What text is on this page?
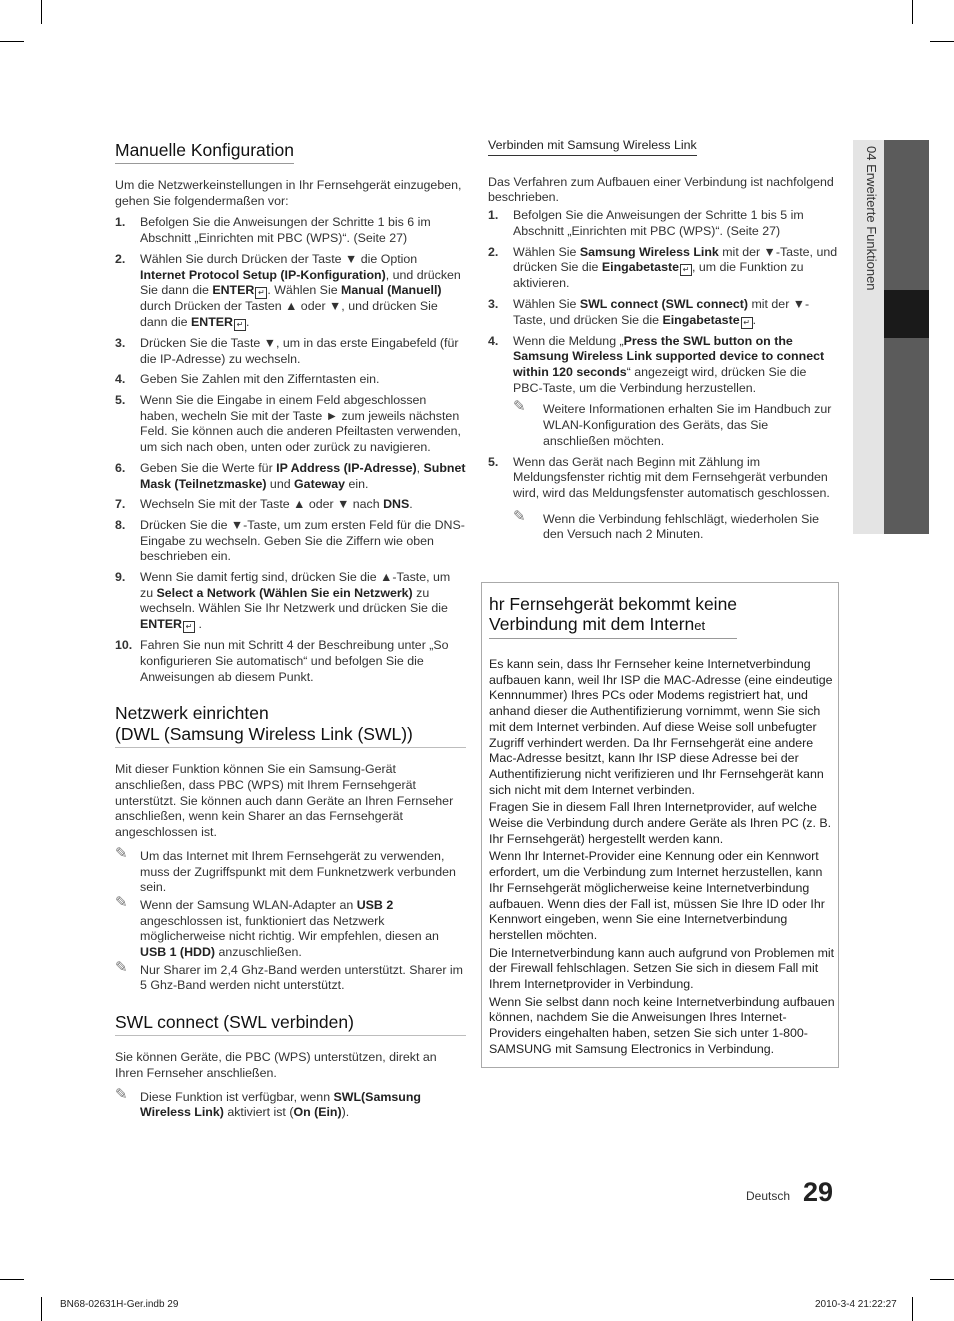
04 Erweiterte Funktionen
Manuelle Konfiguration

Um die Netzwerkeinstellungen in Ihr Fernsehgerät einzugeben, gehen Sie folgendermaßen vor:

1. Befolgen Sie die Anweisungen der Schritte 1 bis 6 im Abschnitt „Einrichten mit PBC (WPS)“. (Seite 27)
2. Wählen Sie durch Drücken der Taste ▼ die Option Internet Protocol Setup (IP-Konfiguration), und drücken Sie dann die ENTER ↵ . Wählen Sie Manual (Manuell) durch Drücken der Tasten ▲ oder ▼, und drücken Sie dann die ENTER ↵ .
3. Drücken Sie die Taste ▼, um in das erste Eingabefeld (für die IP-Adresse) zu wechseln.
4. Geben Sie Zahlen mit den Zifferntasten ein.
5. Wenn Sie die Eingabe in einem Feld abgeschlossen haben, wecheln Sie mit der Taste ► zum jeweils nächsten Feld. Sie können auch die anderen Pfeiltasten verwenden, um sich nach oben, unten oder zurück zu navigieren.
6. Geben Sie die Werte für IP Address (IP-Adresse), Subnet Mask (Teilnetzmaske) und Gateway ein.
7. Wechseln Sie mit der Taste ▲ oder ▼ nach DNS.
8. Drücken Sie die ▼-Taste, um zum ersten Feld für die DNS-Eingabe zu wechseln. Geben Sie die Ziffern wie oben beschrieben ein.
9. Wenn Sie damit fertig sind, drücken Sie die ▲-Taste, um zu Select a Network (Wählen Sie ein Netzwerk) zu wechseln. Wählen Sie Ihr Netzwerk und drücken Sie die ENTER ↵ .
10. Fahren Sie nun mit Schritt 4 der Beschreibung unter „So konfigurieren Sie automatisch“ und befolgen Sie die Anweisungen ab diesem Punkt.
Netzwerk einrichten
(DWL (Samsung Wireless Link (SWL))

Mit dieser Funktion können Sie ein Samsung-Gerät anschließen, dass PBC (WPS) mit Ihrem Fernsehgerät unterstützt. Sie können auch dann Geräte an Ihren Fernseher anschließen, wenn kein Sharer an das Fernsehgerät angeschlossen ist.

✎ Um das Internet mit Ihrem Fernsehgerät zu verwenden, muss der Zugriffspunkt mit dem Funknetzwerk verbunden sein.
✎ Wenn der Samsung WLAN-Adapter an USB 2 angeschlossen ist, funktioniert das Netzwerk möglicherweise nicht richtig. Wir empfehlen, diesen an USB 1 (HDD) anzuschließen.
✎ Nur Sharer im 2,4 Ghz-Band werden unterstützt. Sharer im 5 Ghz-Band werden nicht unterstützt.
SWL connect (SWL verbinden)

Sie können Geräte, die PBC (WPS) unterstützen, direkt an Ihren Fernseher anschließen.

✎ Diese Funktion ist verfügbar, wenn SWL(Samsung Wireless Link) aktiviert ist (On (Ein)).
Verbinden mit Samsung Wireless Link

Das Verfahren zum Aufbauen einer Verbindung ist nachfolgend beschrieben.

1. Befolgen Sie die Anweisungen der Schritte 1 bis 5 im Abschnitt „Einrichten mit PBC (WPS)“. (Seite 27)
2. Wählen Sie Samsung Wireless Link mit der ▼-Taste, und drücken Sie die Eingabetaste ↵ , um die Funktion zu aktivieren.
3. Wählen Sie SWL connect (SWL connect) mit der ▼-Taste, und drücken Sie die Eingabetaste ↵ .
4. Wenn die Meldung „Press the SWL button on the Samsung Wireless Link supported device to connect within 120 seconds“ angezeigt wird, drücken Sie die PBC-Taste, um die Verbindung herzustellen.
✎ Weitere Informationen erhalten Sie im Handbuch zur WLAN-Konfiguration des Geräts, das Sie anschließen möchten.
5. Wenn das Gerät nach Beginn mit Zählung im Meldungsfenster richtig mit dem Fernsehgerät verbunden wird, wird das Meldungsfenster automatisch geschlossen.
✎ Wenn die Verbindung fehlschlägt, wiederholen Sie den Versuch nach 2 Minuten.
hr Fernsehgerät bekommt keine
Verbindung mit dem Internet

Es kann sein, dass Ihr Fernseher keine Internetverbindung aufbauen kann, weil Ihr ISP die MAC-Adresse (eine eindeutige Kennnummer) Ihres PCs oder Modems registriert hat, und anhand dieser die Authentifizierung vornimmt, wenn Sie sich mit dem Internet verbinden. Auf diese Weise soll unbefugter Zugriff verhindert werden. Da Ihr Fernsehgerät eine andere Mac-Adresse besitzt, kann Ihr ISP diese Adresse bei der Authentifizierung nicht verifizieren und Ihr Fernsehgerät kann sich nicht mit dem Internet verbinden.

Fragen Sie in diesem Fall Ihren Internetprovider, auf welche Weise die Verbindung durch andere Geräte als Ihren PC (z. B. Ihr Fernsehgerät) hergestellt werden kann.

Wenn Ihr Internet-Provider eine Kennung oder ein Kennwort erfordert, um die Verbindung zum Internet herzustellen, kann Ihr Fernsehgerät möglicherweise keine Internetverbindung aufbauen. Wenn dies der Fall ist, müssen Sie Ihre ID oder Ihr Kennwort eingeben, wenn Sie eine Internetverbindung herstellen möchten.

Die Internetverbindung kann auch aufgrund von Problemen mit der Firewall fehlschlagen. Setzen Sie sich in diesem Fall mit Ihrem Internetprovider in Verbindung.

Wenn Sie selbst dann noch keine Internetverbindung aufbauen können, nachdem Sie die Anweisungen Ihres Internet-Providers eingehalten haben, setzen Sie sich unter 1-800-SAMSUNG mit Samsung Electronics in Verbindung.

Deutsch 29
BN68-02631H-Ger.indb 29	2010-3-4 21:22:27
